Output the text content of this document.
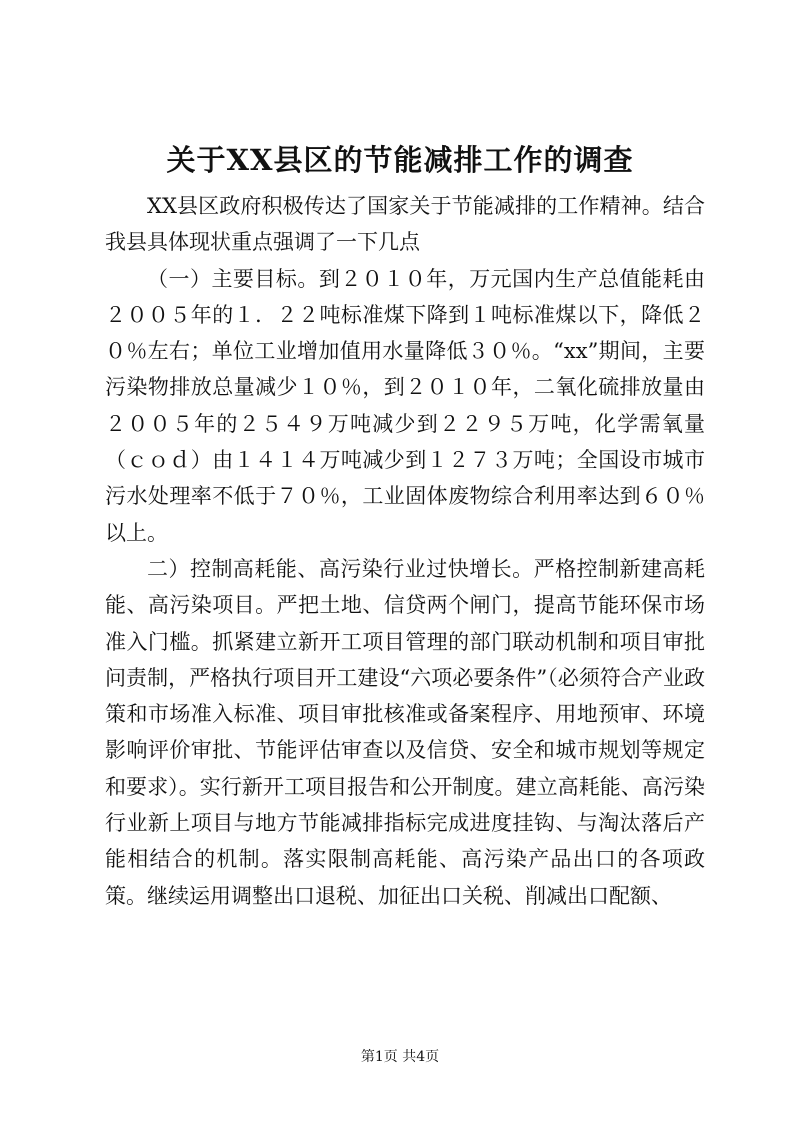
关于XX县区的节能减排工作的调查

XX县区政府积极传达了国家关于节能减排的工作精神。结合我县具体现状重点强调了一下几点

（一）主要目标。到２０１０年，万元国内生产总值能耗由２００５年的１．２２吨标准煤下降到１吨标准煤以下，降低２０％左右；单位工业增加值用水量降低３０％。“xx”期间，主要污染物排放总量减少１０％，到２０１０年，二氧化硫排放量由２００５年的２５４９万吨减少到２２９５万吨，化学需氧量（ｃｏｄ）由１４１４万吨减少到１２７３万吨；全国设市城市污水处理率不低于７０％，工业固体废物综合利用率达到６０％以上。

二）控制高耗能、高污染行业过快增长。严格控制新建高耗能、高污染项目。严把土地、信贷两个闸门，提高节能环保市场准入门槛。抓紧建立新开工项目管理的部门联动机制和项目审批问责制，严格执行项目开工建设“六项必要条件”（必须符合产业政策和市场准入标准、项目审批核准或备案程序、用地预审、环境影响评价审批、节能评估审查以及信贷、安全和城市规划等规定和要求）。实行新开工项目报告和公开制度。建立高耗能、高污染行业新上项目与地方节能减排指标完成进度挂钩、与淘汰落后产能相结合的机制。落实限制高耗能、高污染产品出口的各项政策。继续运用调整出口退税、加征出口关税、削减出口配额、

第1页 共4页
